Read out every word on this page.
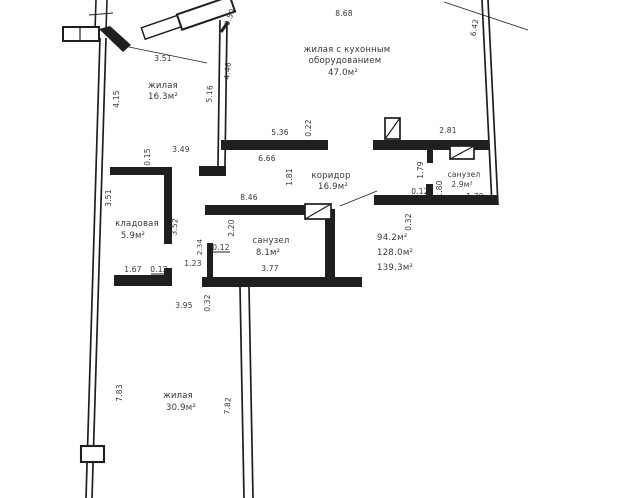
жилая
16.3м²
жилая с кухонным
оборудованием
47.0м²
коридор
16.9м²
санузел
2.9м²
санузел
8.1м²
кладовая
5.9м²
жилая
30.9м²
94.2м²
128.0м²
139.3м²
3.51
4.15	5.16
4.46
0.50	8.68
6.42
5.36 0.22
6.66
1.81
2.81
1.79
0.12 1.80	1.79
8.46
2.20
2.34 0.12
1.23
3.77
0.32
0.15	3.49
3.51
3.52
1.67 0.12
3.95 0.32
7.83
7.82
